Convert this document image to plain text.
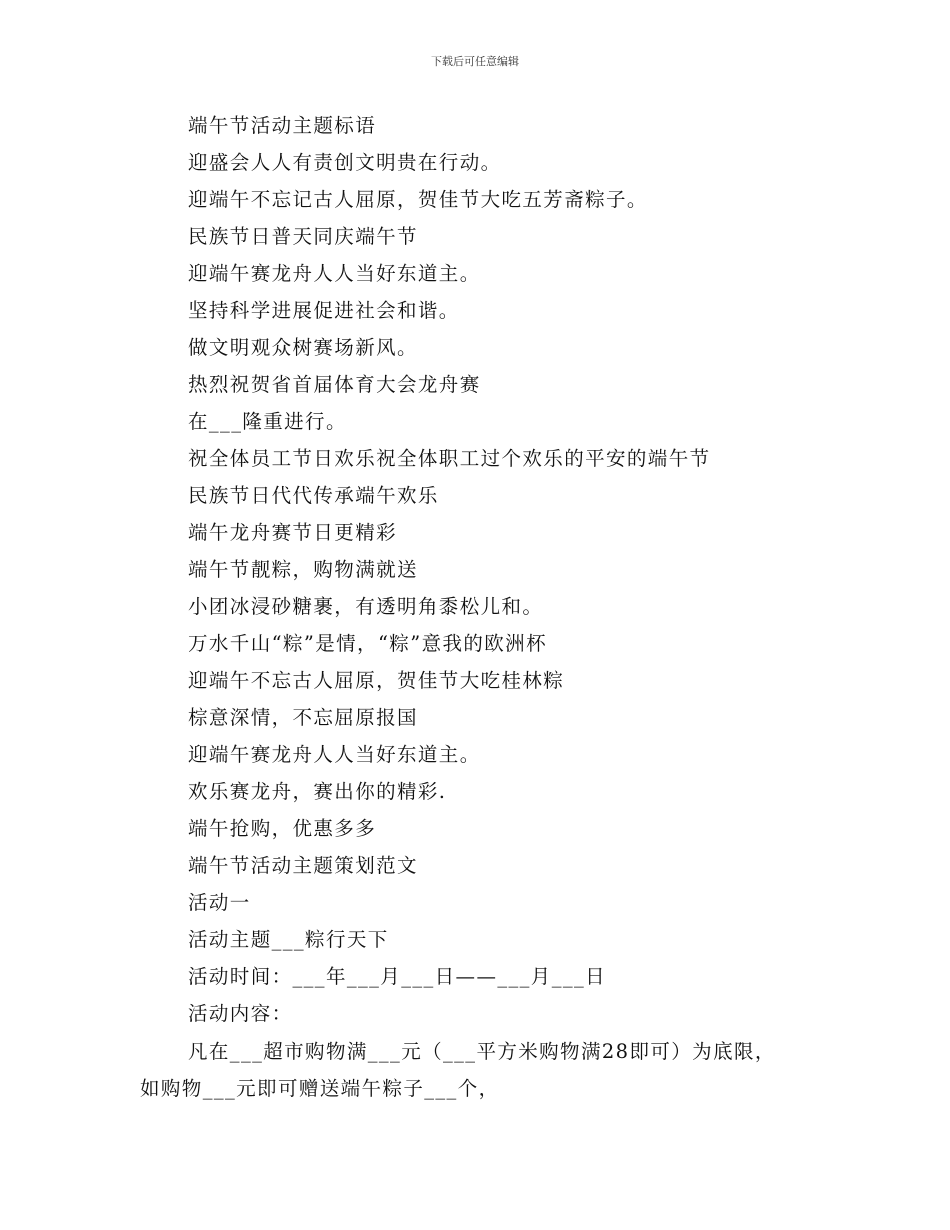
下载后可任意编辑
端午节活动主题标语
迎盛会人人有责创文明贵在行动。
迎端午不忘记古人屈原，贺佳节大吃五芳斋粽子。
民族节日普天同庆端午节
迎端午赛龙舟人人当好东道主。
坚持科学进展促进社会和谐。
做文明观众树赛场新风。
热烈祝贺省首届体育大会龙舟赛
在___隆重进行。
祝全体员工节日欢乐祝全体职工过个欢乐的平安的端午节
民族节日代代传承端午欢乐
端午龙舟赛节日更精彩
端午节靓粽，购物满就送
小团冰浸砂糖裹，有透明角黍松儿和。
万水千山“粽”是情，“粽”意我的欧洲杯
迎端午不忘古人屈原，贺佳节大吃桂林粽
棕意深情，不忘屈原报国
迎端午赛龙舟人人当好东道主。
欢乐赛龙舟，赛出你的精彩.
端午抢购，优惠多多
端午节活动主题策划范文
活动一
活动主题___粽行天下
活动时间：___年___月___日——___月___日
活动内容：
凡在___超市购物满___元（___平方米购物满28即可）为底限，
如购物___元即可赠送端午粽子___个，
